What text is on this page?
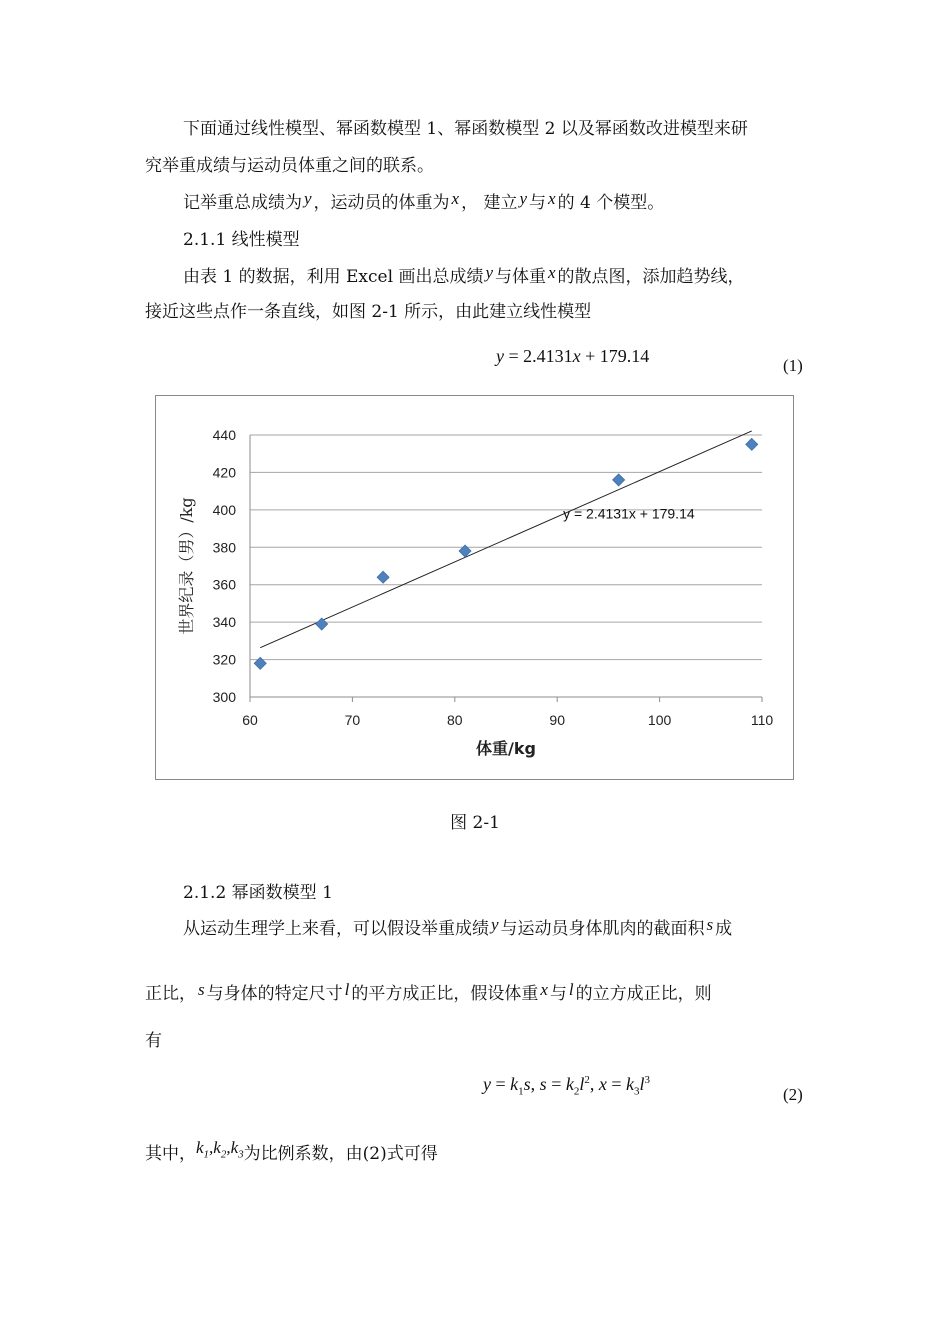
下面通过线性模型、幂函数模型 1、幂函数模型 2 以及幂函数改进模型来研
究举重成绩与运动员体重之间的联系。
记举重总成绩为 y ，运动员的体重为 x ， 建立 y 与 x 的 4 个模型。
2.1.1 线性模型
由表 1 的数据，利用 Excel 画出总成绩 y 与体重 x 的散点图，添加趋势线，
接近这些点作一条直线，如图 2-1 所示，由此建立线性模型
y = 2.4131x + 179.14	(1)
300
320
340
360
380
400
420
440
60	70	80	90	100	110
y = 2.4131x + 179.14
体重/kg
世界纪录（男）/kg
图 2-1
2.1.2 幂函数模型 1
从运动生理学上来看，可以假设举重成绩 y 与运动员身体肌肉的截面积 s 成
正比， s 与身体的特定尺寸 l 的平方成正比，假设体重 x 与 l 的立方成正比，则
有
$y = k_1s$, $s = k_2l^2$, $x = k_3l^3$
(2)
其中，$k_1,k_2,k_3$为比例系数，由(2)式可得
